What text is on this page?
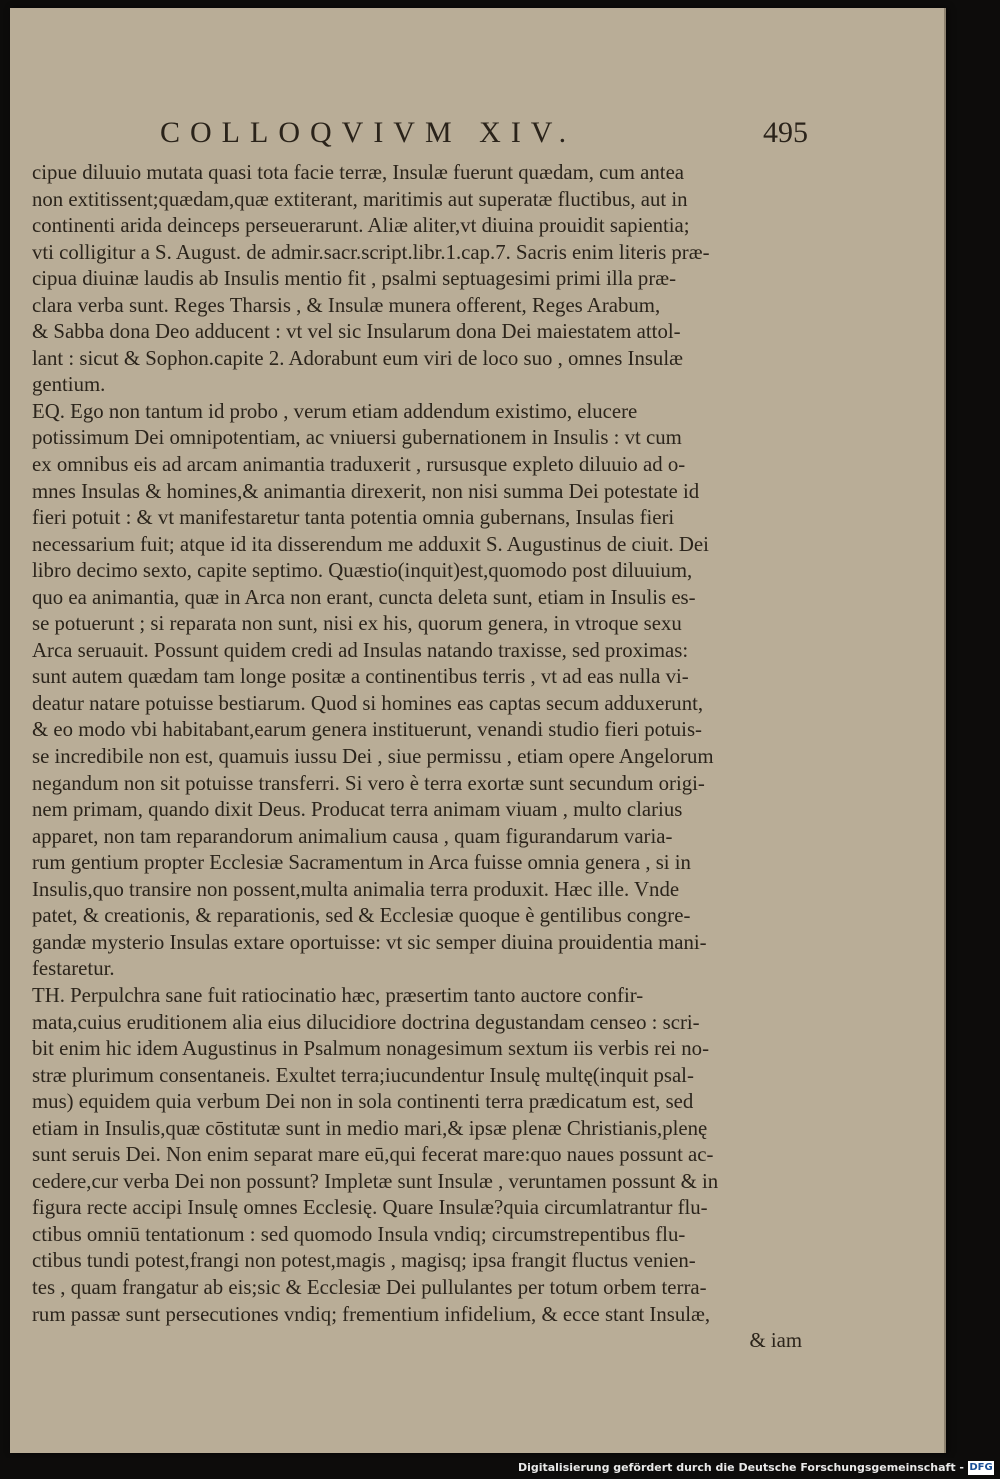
COLLOQVIVM XIV.	495
cipue diluuio mutata quasi tota facie terræ, Insulæ fuerunt quædam, cum antea
non extitissent;quædam,quæ extiterant, maritimis aut superatæ fluctibus, aut in
continenti arida deinceps perseuerarunt. Aliæ aliter,vt diuina prouidit sapientia;
vti colligitur a S. August. de admir.sacr.script.libr.1.cap.7. Sacris enim literis præ-
cipua diuinæ laudis ab Insulis mentio fit , psalmi septuagesimi primi illa præ-
clara verba sunt. Reges Tharsis , & Insulæ munera offerent, Reges Arabum,
& Sabba dona Deo adducent : vt vel sic Insularum dona Dei maiestatem attol-
lant : sicut & Sophon.capite 2. Adorabunt eum viri de loco suo , omnes Insulæ
gentium.
EQ. Ego non tantum id probo , verum etiam addendum existimo, elucere
potissimum Dei omnipotentiam, ac vniuersi gubernationem in Insulis : vt cum
ex omnibus eis ad arcam animantia traduxerit , rursusque expleto diluuio ad o-
mnes Insulas & homines,& animantia direxerit, non nisi summa Dei potestate id
fieri potuit : & vt manifestaretur tanta potentia omnia gubernans, Insulas fieri
necessarium fuit; atque id ita disserendum me adduxit S. Augustinus de ciuit. Dei
libro decimo sexto, capite septimo. Quæstio(inquit)est,quomodo post diluuium,
quo ea animantia, quæ in Arca non erant, cuncta deleta sunt, etiam in Insulis es-
se potuerunt ; si reparata non sunt, nisi ex his, quorum genera, in vtroque sexu
Arca seruauit. Possunt quidem credi ad Insulas natando traxisse, sed proximas:
sunt autem quædam tam longe positæ a continentibus terris , vt ad eas nulla vi-
deatur natare potuisse bestiarum. Quod si homines eas captas secum adduxerunt,
& eo modo vbi habitabant,earum genera instituerunt, venandi studio fieri potuis-
se incredibile non est, quamuis iussu Dei , siue permissu , etiam opere Angelorum
negandum non sit potuisse transferri. Si vero è terra exortæ sunt secundum origi-
nem primam, quando dixit Deus. Producat terra animam viuam , multo clarius
apparet, non tam reparandorum animalium causa , quam figurandarum varia-
rum gentium propter Ecclesiæ Sacramentum in Arca fuisse omnia genera , si in
Insulis,quo transire non possent,multa animalia terra produxit. Hæc ille. Vnde
patet, & creationis, & reparationis, sed & Ecclesiæ quoque è gentilibus congre-
gandæ mysterio Insulas extare oportuisse: vt sic semper diuina prouidentia mani-
festaretur.
TH. Perpulchra sane fuit ratiocinatio hæc, præsertim tanto auctore confir-
mata,cuius eruditionem alia eius dilucidiore doctrina degustandam censeo : scri-
bit enim hic idem Augustinus in Psalmum nonagesimum sextum iis verbis rei no-
stræ plurimum consentaneis. Exultet terra;iucundentur Insulę multę(inquit psal-
mus) equidem quia verbum Dei non in sola continenti terra prædicatum est, sed
etiam in Insulis,quæ cōstitutæ sunt in medio mari,& ipsæ plenæ Christianis,plenę
sunt seruis Dei. Non enim separat mare eū,qui fecerat mare:quo naues possunt ac-
cedere,cur verba Dei non possunt? Impletæ sunt Insulæ , veruntamen possunt & in
figura recte accipi Insulę omnes Ecclesię. Quare Insulæ?quia circumlatrantur flu-
ctibus omniū tentationum : sed quomodo Insula vndiq; circumstrepentibus flu-
ctibus tundi potest,frangi non potest,magis , magisq; ipsa frangit fluctus venien-
tes , quam frangatur ab eis;sic & Ecclesiæ Dei pullulantes per totum orbem terra-
rum passæ sunt persecutiones vndiq; frementium infidelium, & ecce stant Insulæ,
& iam
Digitalisierung gefördert durch die Deutsche Forschungsgemeinschaft - DFG
